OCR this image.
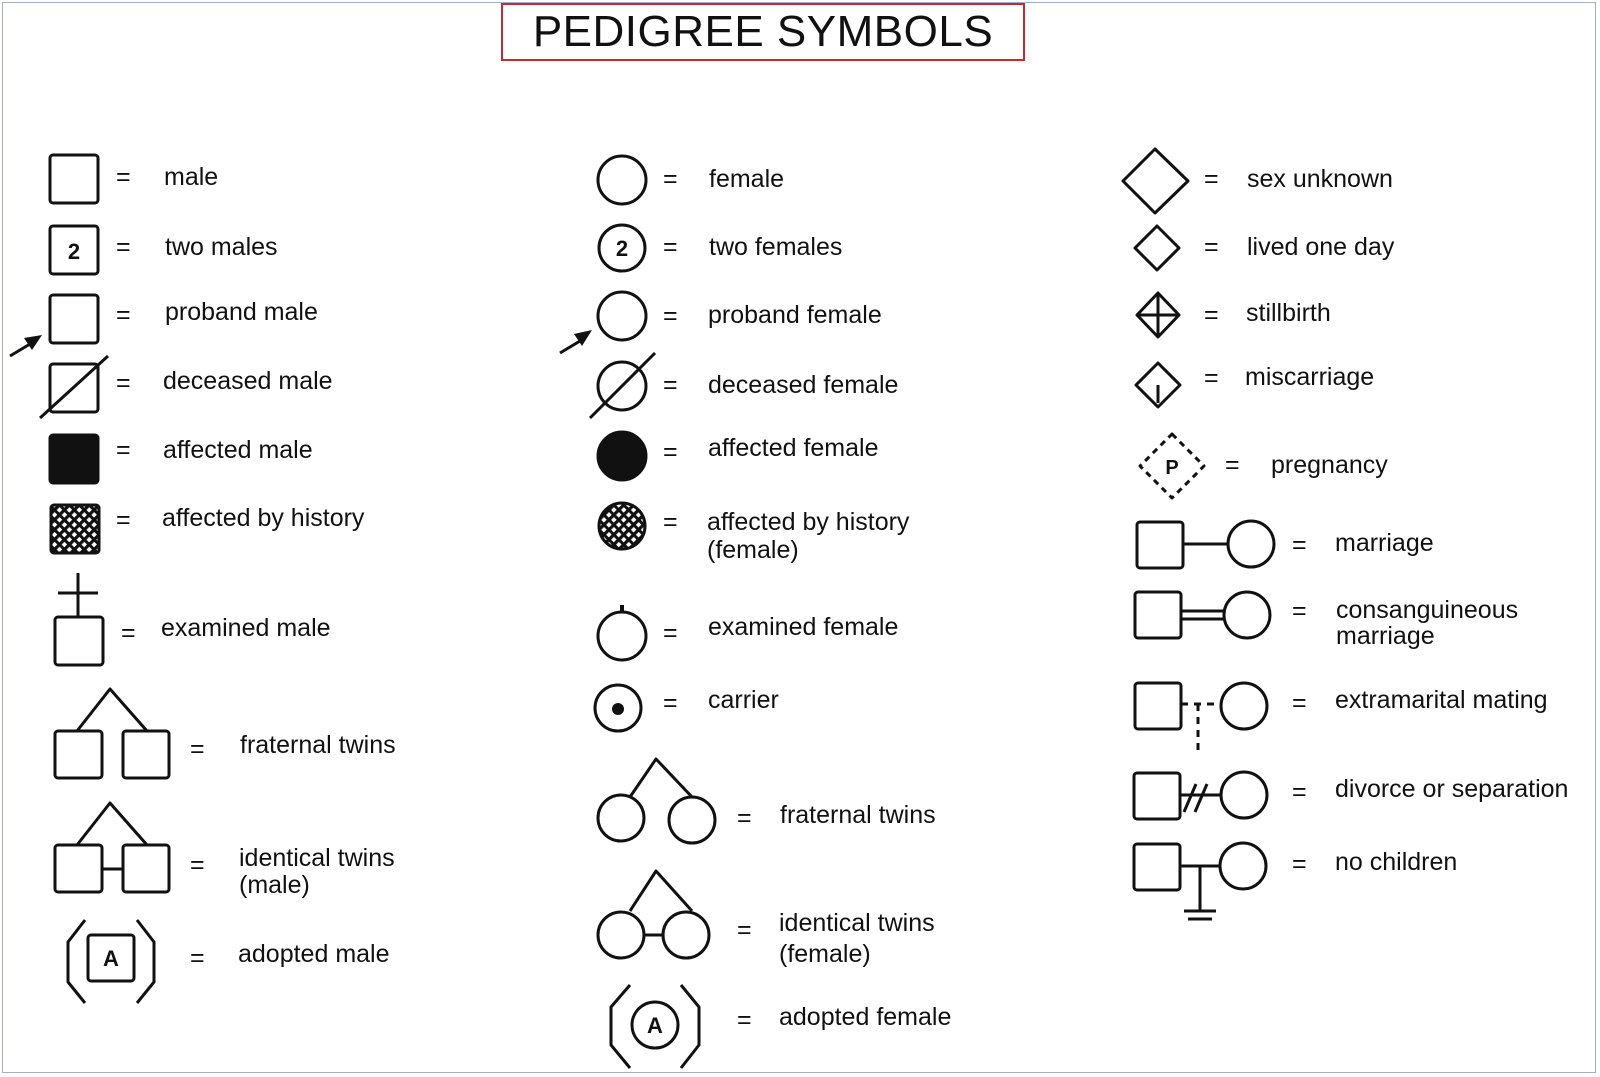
PEDIGREE SYMBOLS
2
A
2
A
P
= male
= two males
= proband male
= deceased male
= affected male
= affected by history
= examined male
= fraternal twins
= identical twins
(male)
= adopted male
= female
= two females
= proband female
= deceased female
= affected female
= affected by history
(female)
= examined female
= carrier
= fraternal twins
= identical twins
(female)
= adopted female
= sex unknown
= lived one day
= stillbirth
= miscarriage
= pregnancy
= marriage
= consanguineous
marriage
= extramarital mating
= divorce or separation
= no children
